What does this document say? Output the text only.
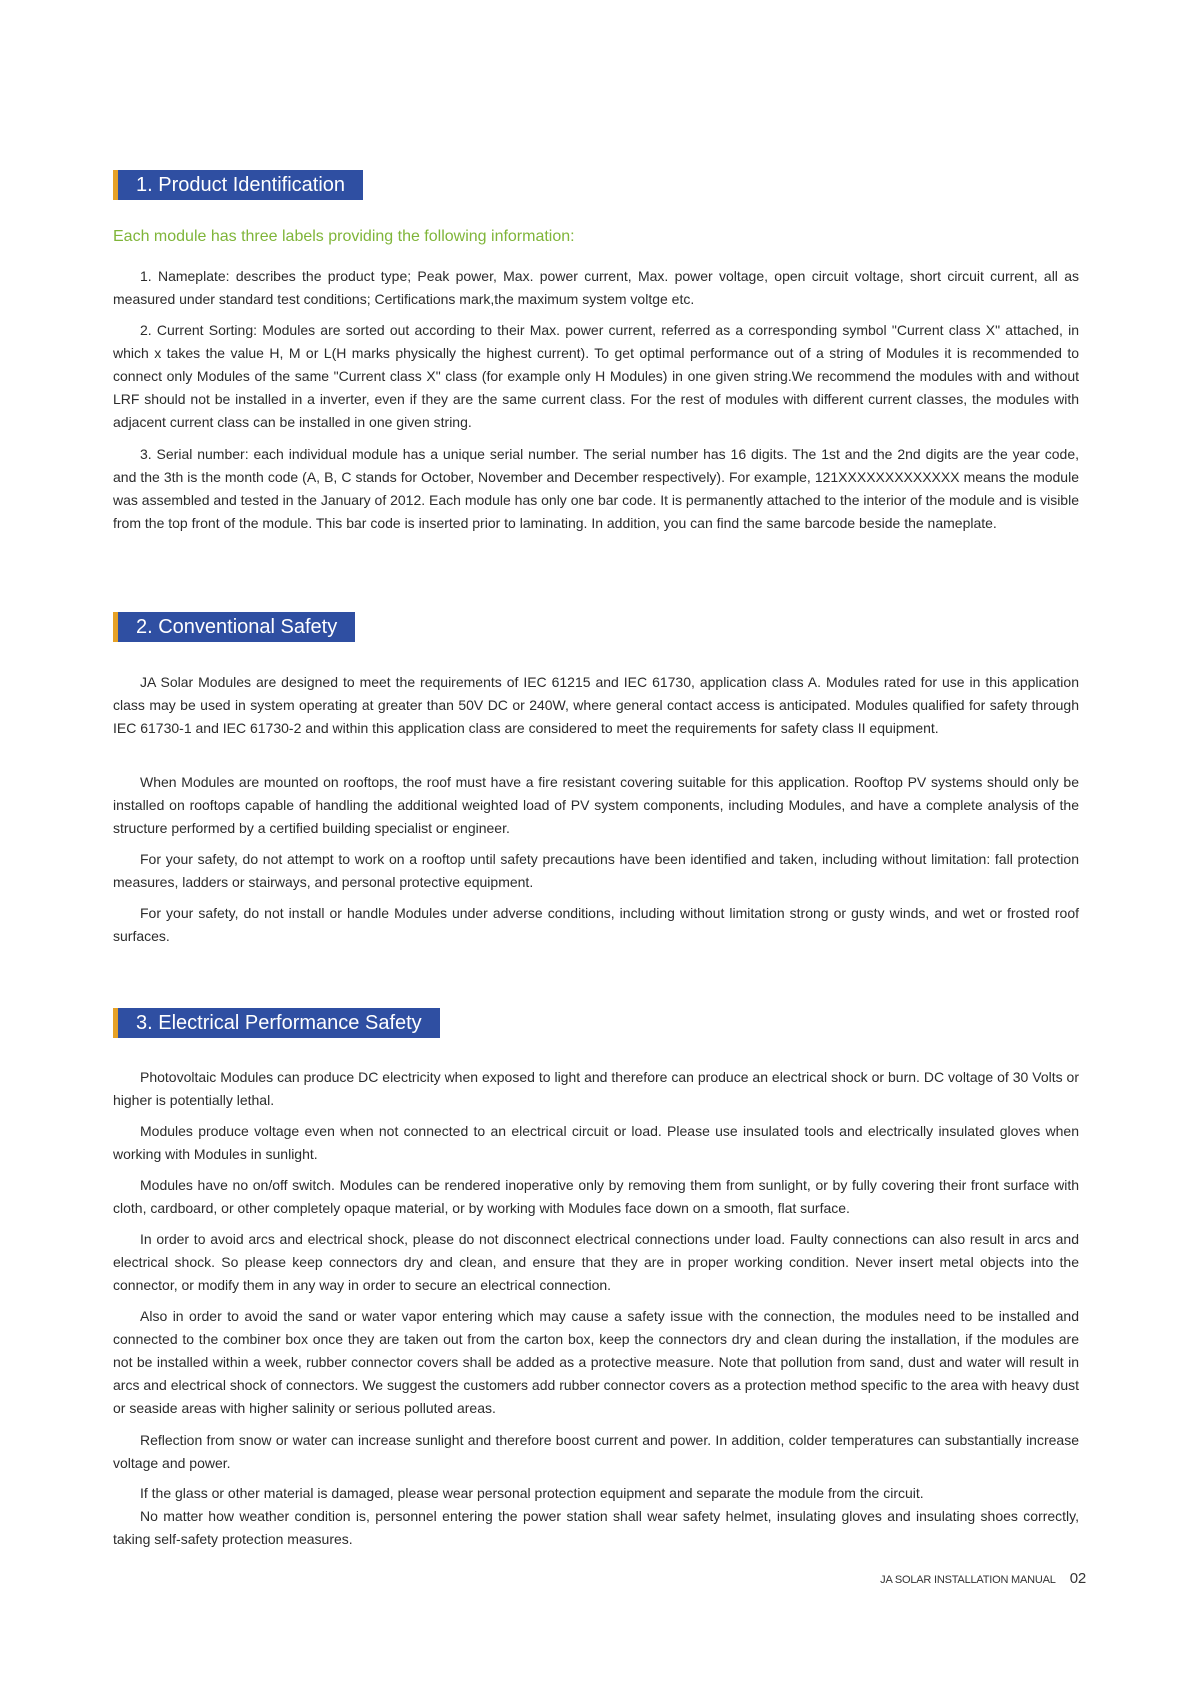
1. Product Identification
Each module has three labels providing the following information:

1. Nameplate: describes the product type; Peak power, Max. power current, Max. power voltage, open circuit voltage, short circuit current, all as measured under standard test conditions; Certifications mark,the maximum system voltge etc.

2. Current Sorting: Modules are sorted out according to their Max. power current, referred as a corresponding symbol "Current class X" attached, in which x takes the value H, M or L(H marks physically the highest current). To get optimal performance out of a string of Modules it is recommended to connect only Modules of the same "Current class X" class (for example only H Modules) in one given string.We recommend the modules with and without LRF should not be installed in a inverter, even if they are the same current class. For the rest of modules with different current classes, the modules with adjacent current class can be installed in one given string.

3. Serial number: each individual module has a unique serial number. The serial number has 16 digits. The 1st and the 2nd digits are the year code, and the 3th is the month code (A, B, C stands for October, November and December respectively). For example, 121XXXXXXXXXXXXX means the module was assembled and tested in the January of 2012. Each module has only one bar code. It is permanently attached to the interior of the module and is visible from the top front of the module. This bar code is inserted prior to laminating. In addition, you can find the same barcode beside the nameplate.

2. Conventional Safety

JA Solar Modules are designed to meet the requirements of IEC 61215 and IEC 61730, application class A. Modules rated for use in this application class may be used in system operating at greater than 50V DC or 240W, where general contact access is anticipated. Modules qualified for safety through IEC 61730-1 and IEC 61730-2 and within this application class are considered to meet the requirements for safety class II equipment.

When Modules are mounted on rooftops, the roof must have a fire resistant covering suitable for this application. Rooftop PV systems should only be installed on rooftops capable of handling the additional weighted load of PV system components, including Modules, and have a complete analysis of the structure performed by a certified building specialist or engineer.

For your safety, do not attempt to work on a rooftop until safety precautions have been identified and taken, including without limitation: fall protection measures, ladders or stairways, and personal protective equipment.

For your safety, do not install or handle Modules under adverse conditions, including without limitation strong or gusty winds, and wet or frosted roof surfaces.

3. Electrical Performance Safety

Photovoltaic Modules can produce DC electricity when exposed to light and therefore can produce an electrical shock or burn. DC voltage of 30 Volts or higher is potentially lethal.

Modules produce voltage even when not connected to an electrical circuit or load. Please use insulated tools and electrically insulated gloves when working with Modules in sunlight.

Modules have no on/off switch. Modules can be rendered inoperative only by removing them from sunlight, or by fully covering their front surface with cloth, cardboard, or other completely opaque material, or by working with Modules face down on a smooth, flat surface.

In order to avoid arcs and electrical shock, please do not disconnect electrical connections under load. Faulty connections can also result in arcs and electrical shock. So please keep connectors dry and clean, and ensure that they are in proper working condition. Never insert metal objects into the connector, or modify them in any way in order to secure an electrical connection.

Also in order to avoid the sand or water vapor entering which may cause a safety issue with the connection, the modules need to be installed and connected to the combiner box once they are taken out from the carton box, keep the connectors dry and clean during the installation, if the modules are not be installed within a week, rubber connector covers shall be added as a protective measure. Note that pollution from sand, dust and water will result in arcs and electrical shock of connectors. We suggest the customers add rubber connector covers as a protection method specific to the area with heavy dust or seaside areas with higher salinity or serious polluted areas.

Reflection from snow or water can increase sunlight and therefore boost current and power. In addition, colder temperatures can substantially increase voltage and power.

If the glass or other material is damaged, please wear personal protection equipment and separate the module from the circuit.

No matter how weather condition is, personnel entering the power station shall wear safety helmet, insulating gloves and insulating shoes correctly, taking self-safety protection measures.

JA SOLAR INSTALLATION MANUAL 02
